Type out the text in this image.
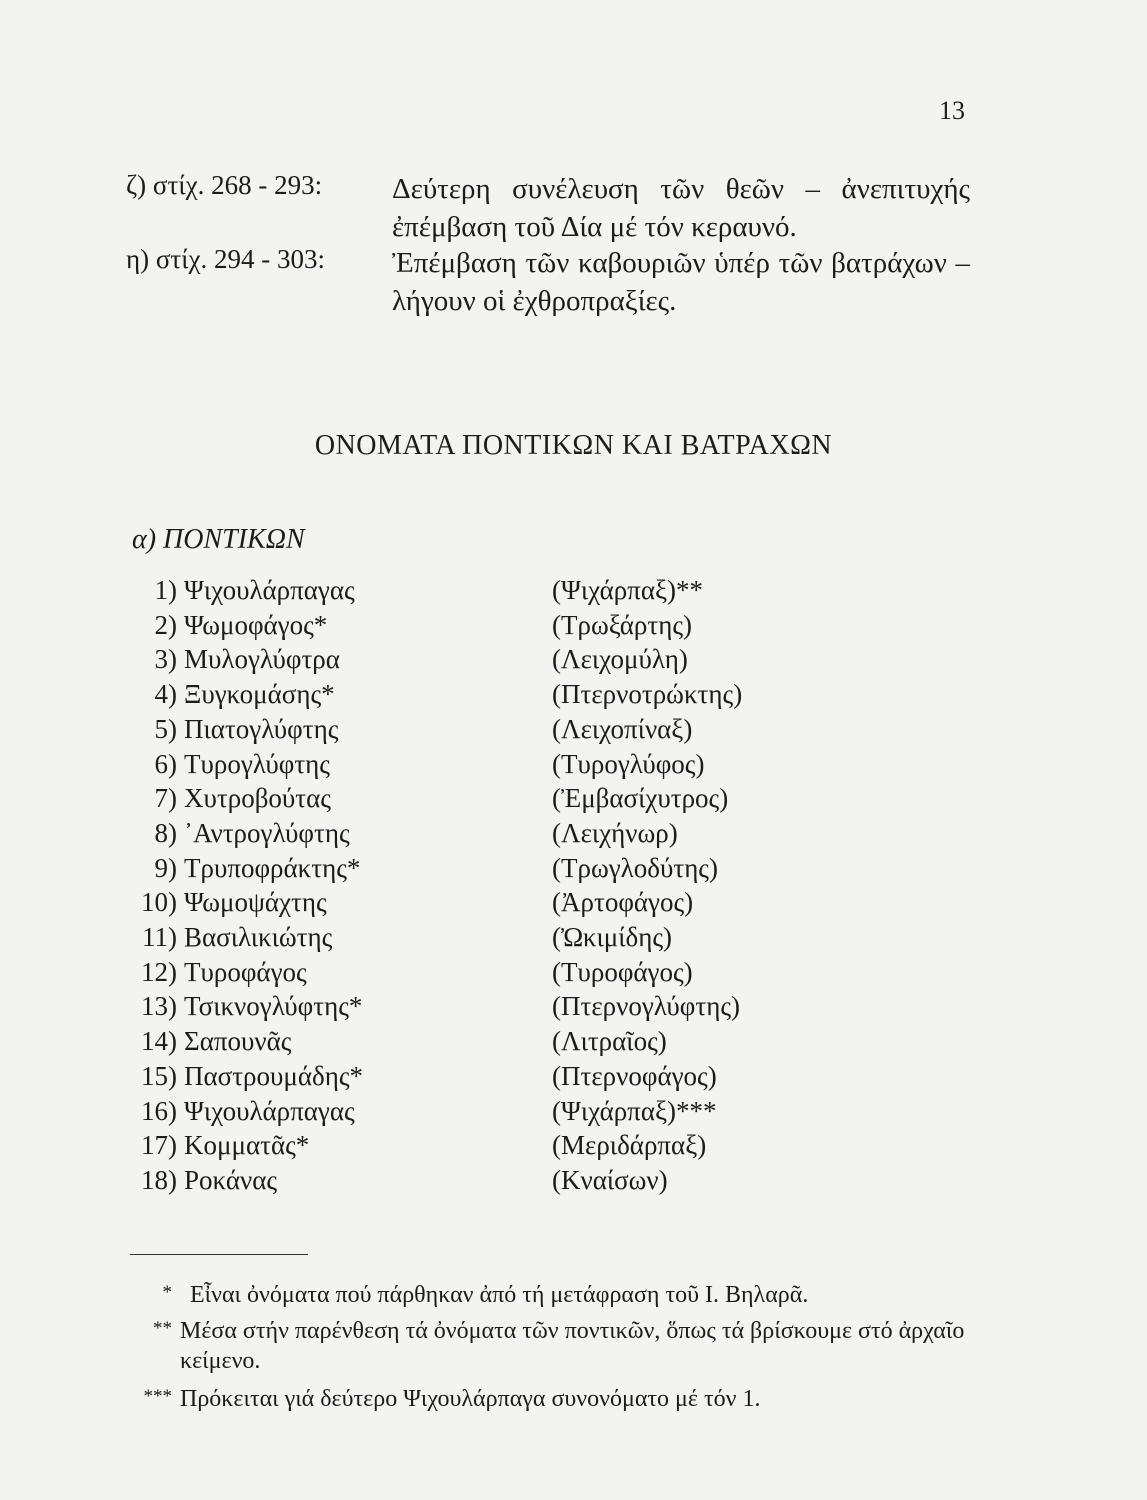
13
ζ) στίχ. 268 - 293: Δεύτερη συνέλευση τῶν θεῶν – ἀνεπιτυχής ἐπέμβαση τοῦ Δία μέ τόν κεραυνό.
η) στίχ. 294 - 303: Ἐπέμβαση τῶν καβουριῶν ὑπέρ τῶν βατράχων – λήγουν οἱ ἐχθροπραξίες.
ΟΝΟΜΑΤΑ ΠΟΝΤΙΚΩΝ ΚΑΙ ΒΑΤΡΑΧΩΝ
α) ΠΟΝΤΙΚΩΝ
1) Ψιχουλάρπαγας	(Ψιχάρπαξ)**
2) Ψωμοφάγος*	(Τρωξάρτης)
3) Μυλογλύφτρα	(Λειχομύλη)
4) Ξυγκομάσης*	(Πτερνοτρώκτης)
5) Πιατογλύφτης	(Λειχοπίναξ)
6) Τυρογλύφτης	(Τυρογλύφος)
7) Χυτροβούτας	(Ἐμβασίχυτρος)
8) ᾿Αντρογλύφτης	(Λειχήνωρ)
9) Τρυποφράκτης*	(Τρωγλοδύτης)
10) Ψωμοψάχτης	(Ἀρτοφάγος)
11) Βασιλικιώτης	(Ὠκιμίδης)
12) Τυροφάγος	(Τυροφάγος)
13) Τσικνογλύφτης*	(Πτερνογλύφτης)
14) Σαπουνᾶς	(Λιτραῖος)
15) Παστρουμάδης*	(Πτερνοφάγος)
16) Ψιχουλάρπαγας	(Ψιχάρπαξ)***
17) Κομματᾶς*	(Μεριδάρπαξ)
18) Ροκάνας	(Κναίσων)
* Εἶναι ὀνόματα πού πάρθηκαν ἀπό τή μετάφραση τοῦ Ι. Βηλαρᾶ.
** Μέσα στήν παρένθεση τά ὀνόματα τῶν ποντικῶν, ὅπως τά βρίσκουμε στό ἀρχαῖο κείμενο.
*** Πρόκειται γιά δεύτερο Ψιχουλάρπαγα συνονόματο μέ τόν 1.
